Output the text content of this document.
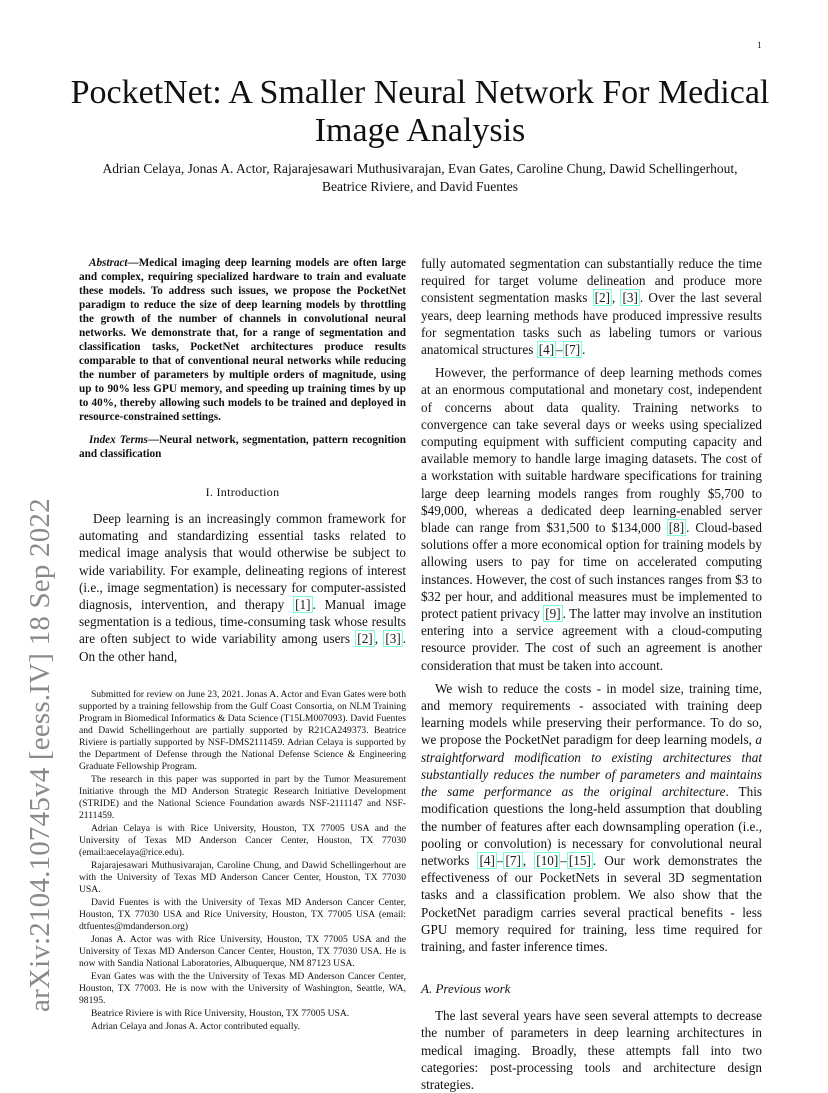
1
arXiv:2104.10745v4 [eess.IV] 18 Sep 2022
PocketNet: A Smaller Neural Network For Medical Image Analysis

Adrian Celaya, Jonas A. Actor, Rajarajesawari Muthusivarajan, Evan Gates, Caroline Chung, Dawid Schellingerhout, Beatrice Riviere, and David Fuentes

Abstract—Medical imaging deep learning models are often large and complex, requiring specialized hardware to train and evaluate these models. To address such issues, we propose the PocketNet paradigm to reduce the size of deep learning models by throttling the growth of the number of channels in convolutional neural networks. We demonstrate that, for a range of segmentation and classification tasks, PocketNet architectures produce results comparable to that of conventional neural networks while reducing the number of parameters by multiple orders of magnitude, using up to 90% less GPU memory, and speeding up training times by up to 40%, thereby allowing such models to be trained and deployed in resource-constrained settings.

Index Terms—Neural network, segmentation, pattern recognition and classification

I. Introduction

Deep learning is an increasingly common framework for automating and standardizing essential tasks related to medical image analysis that would otherwise be subject to wide variability. For example, delineating regions of interest (i.e., image segmentation) is necessary for computer-assisted diagnosis, intervention, and therapy [1] . Manual image segmentation is a tedious, time-consuming task whose results are often subject to wide variability among users [2] , [3] . On the other hand,

Submitted for review on June 23, 2021. Jonas A. Actor and Evan Gates were both supported by a training fellowship from the Gulf Coast Consortia, on NLM Training Program in Biomedical Informatics & Data Science (T15LM007093). David Fuentes and Dawid Schellingerhout are partially supported by R21CA249373. Beatrice Riviere is partially supported by NSF-DMS2111459. Adrian Celaya is supported by the Department of Defense through the National Defense Science & Engineering Graduate Fellowship Program.

The research in this paper was supported in part by the Tumor Measurement Initiative through the MD Anderson Strategic Research Initiative Development (STRIDE) and the National Science Foundation awards NSF-2111147 and NSF-2111459.

Adrian Celaya is with Rice University, Houston, TX 77005 USA and the University of Texas MD Anderson Cancer Center, Houston, TX 77030 (email:aecelaya@rice.edu).

Rajarajesawari Muthusivarajan, Caroline Chung, and Dawid Schellingerhout are with the University of Texas MD Anderson Cancer Center, Houston, TX 77030 USA.

David Fuentes is with the University of Texas MD Anderson Cancer Center, Houston, TX 77030 USA and Rice University, Houston, TX 77005 USA (email: dtfuentes@mdanderson.org)

Jonas A. Actor was with Rice University, Houston, TX 77005 USA and the University of Texas MD Anderson Cancer Center, Houston, TX 77030 USA. He is now with Sandia National Laboratories, Albuquerque, NM 87123 USA.

Evan Gates was with the the University of Texas MD Anderson Cancer Center, Houston, TX 77003. He is now with the University of Washington, Seattle, WA, 98195.

Beatrice Riviere is with Rice University, Houston, TX 77005 USA.

Adrian Celaya and Jonas A. Actor contributed equally.

fully automated segmentation can substantially reduce the time required for target volume delineation and produce more consistent segmentation masks [2] , [3] . Over the last several years, deep learning methods have produced impressive results for segmentation tasks such as labeling tumors or various anatomical structures [4] – [7] .

However, the performance of deep learning methods comes at an enormous computational and monetary cost, independent of concerns about data quality. Training networks to convergence can take several days or weeks using specialized computing equipment with sufficient computing capacity and available memory to handle large imaging datasets. The cost of a workstation with suitable hardware specifications for training large deep learning models ranges from roughly $5,700 to $49,000, whereas a dedicated deep learning-enabled server blade can range from $31,500 to $134,000 [8] . Cloud-based solutions offer a more economical option for training models by allowing users to pay for time on accelerated computing instances. However, the cost of such instances ranges from $3 to $32 per hour, and additional measures must be implemented to protect patient privacy [9] . The latter may involve an institution entering into a service agreement with a cloud-computing resource provider. The cost of such an agreement is another consideration that must be taken into account.

We wish to reduce the costs - in model size, training time, and memory requirements - associated with training deep learning models while preserving their performance. To do so, we propose the PocketNet paradigm for deep learning models, a straightforward modification to existing architectures that substantially reduces the number of parameters and maintains the same performance as the original architecture. This modification questions the long-held assumption that doubling the number of features after each downsampling operation (i.e., pooling or convolution) is necessary for convolutional neural networks [4] – [7] , [10] – [15] . Our work demonstrates the effectiveness of our PocketNets in several 3D segmentation tasks and a classification problem. We also show that the PocketNet paradigm carries several practical benefits - less GPU memory required for training, less time required for training, and faster inference times.

A. Previous work

The last several years have seen several attempts to decrease the number of parameters in deep learning architectures in medical imaging. Broadly, these attempts fall into two categories: post-processing tools and architecture design strategies.
